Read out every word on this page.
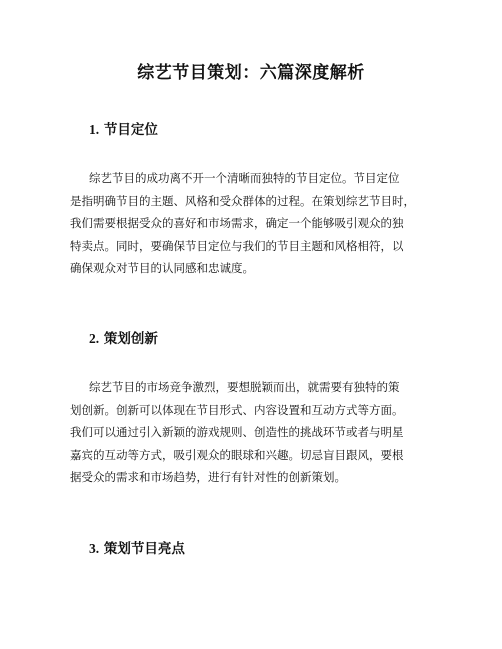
综艺节目策划：六篇深度解析
1. 节目定位
综艺节目的成功离不开一个清晰而独特的节目定位。节目定位
是指明确节目的主题、风格和受众群体的过程。在策划综艺节目时，
我们需要根据受众的喜好和市场需求，确定一个能够吸引观众的独
特卖点。同时，要确保节目定位与我们的节目主题和风格相符，以
确保观众对节目的认同感和忠诚度。
2. 策划创新
综艺节目的市场竞争激烈，要想脱颖而出，就需要有独特的策
划创新。创新可以体现在节目形式、内容设置和互动方式等方面。
我们可以通过引入新颖的游戏规则、创造性的挑战环节或者与明星
嘉宾的互动等方式，吸引观众的眼球和兴趣。切忌盲目跟风，要根
据受众的需求和市场趋势，进行有针对性的创新策划。
3. 策划节目亮点
